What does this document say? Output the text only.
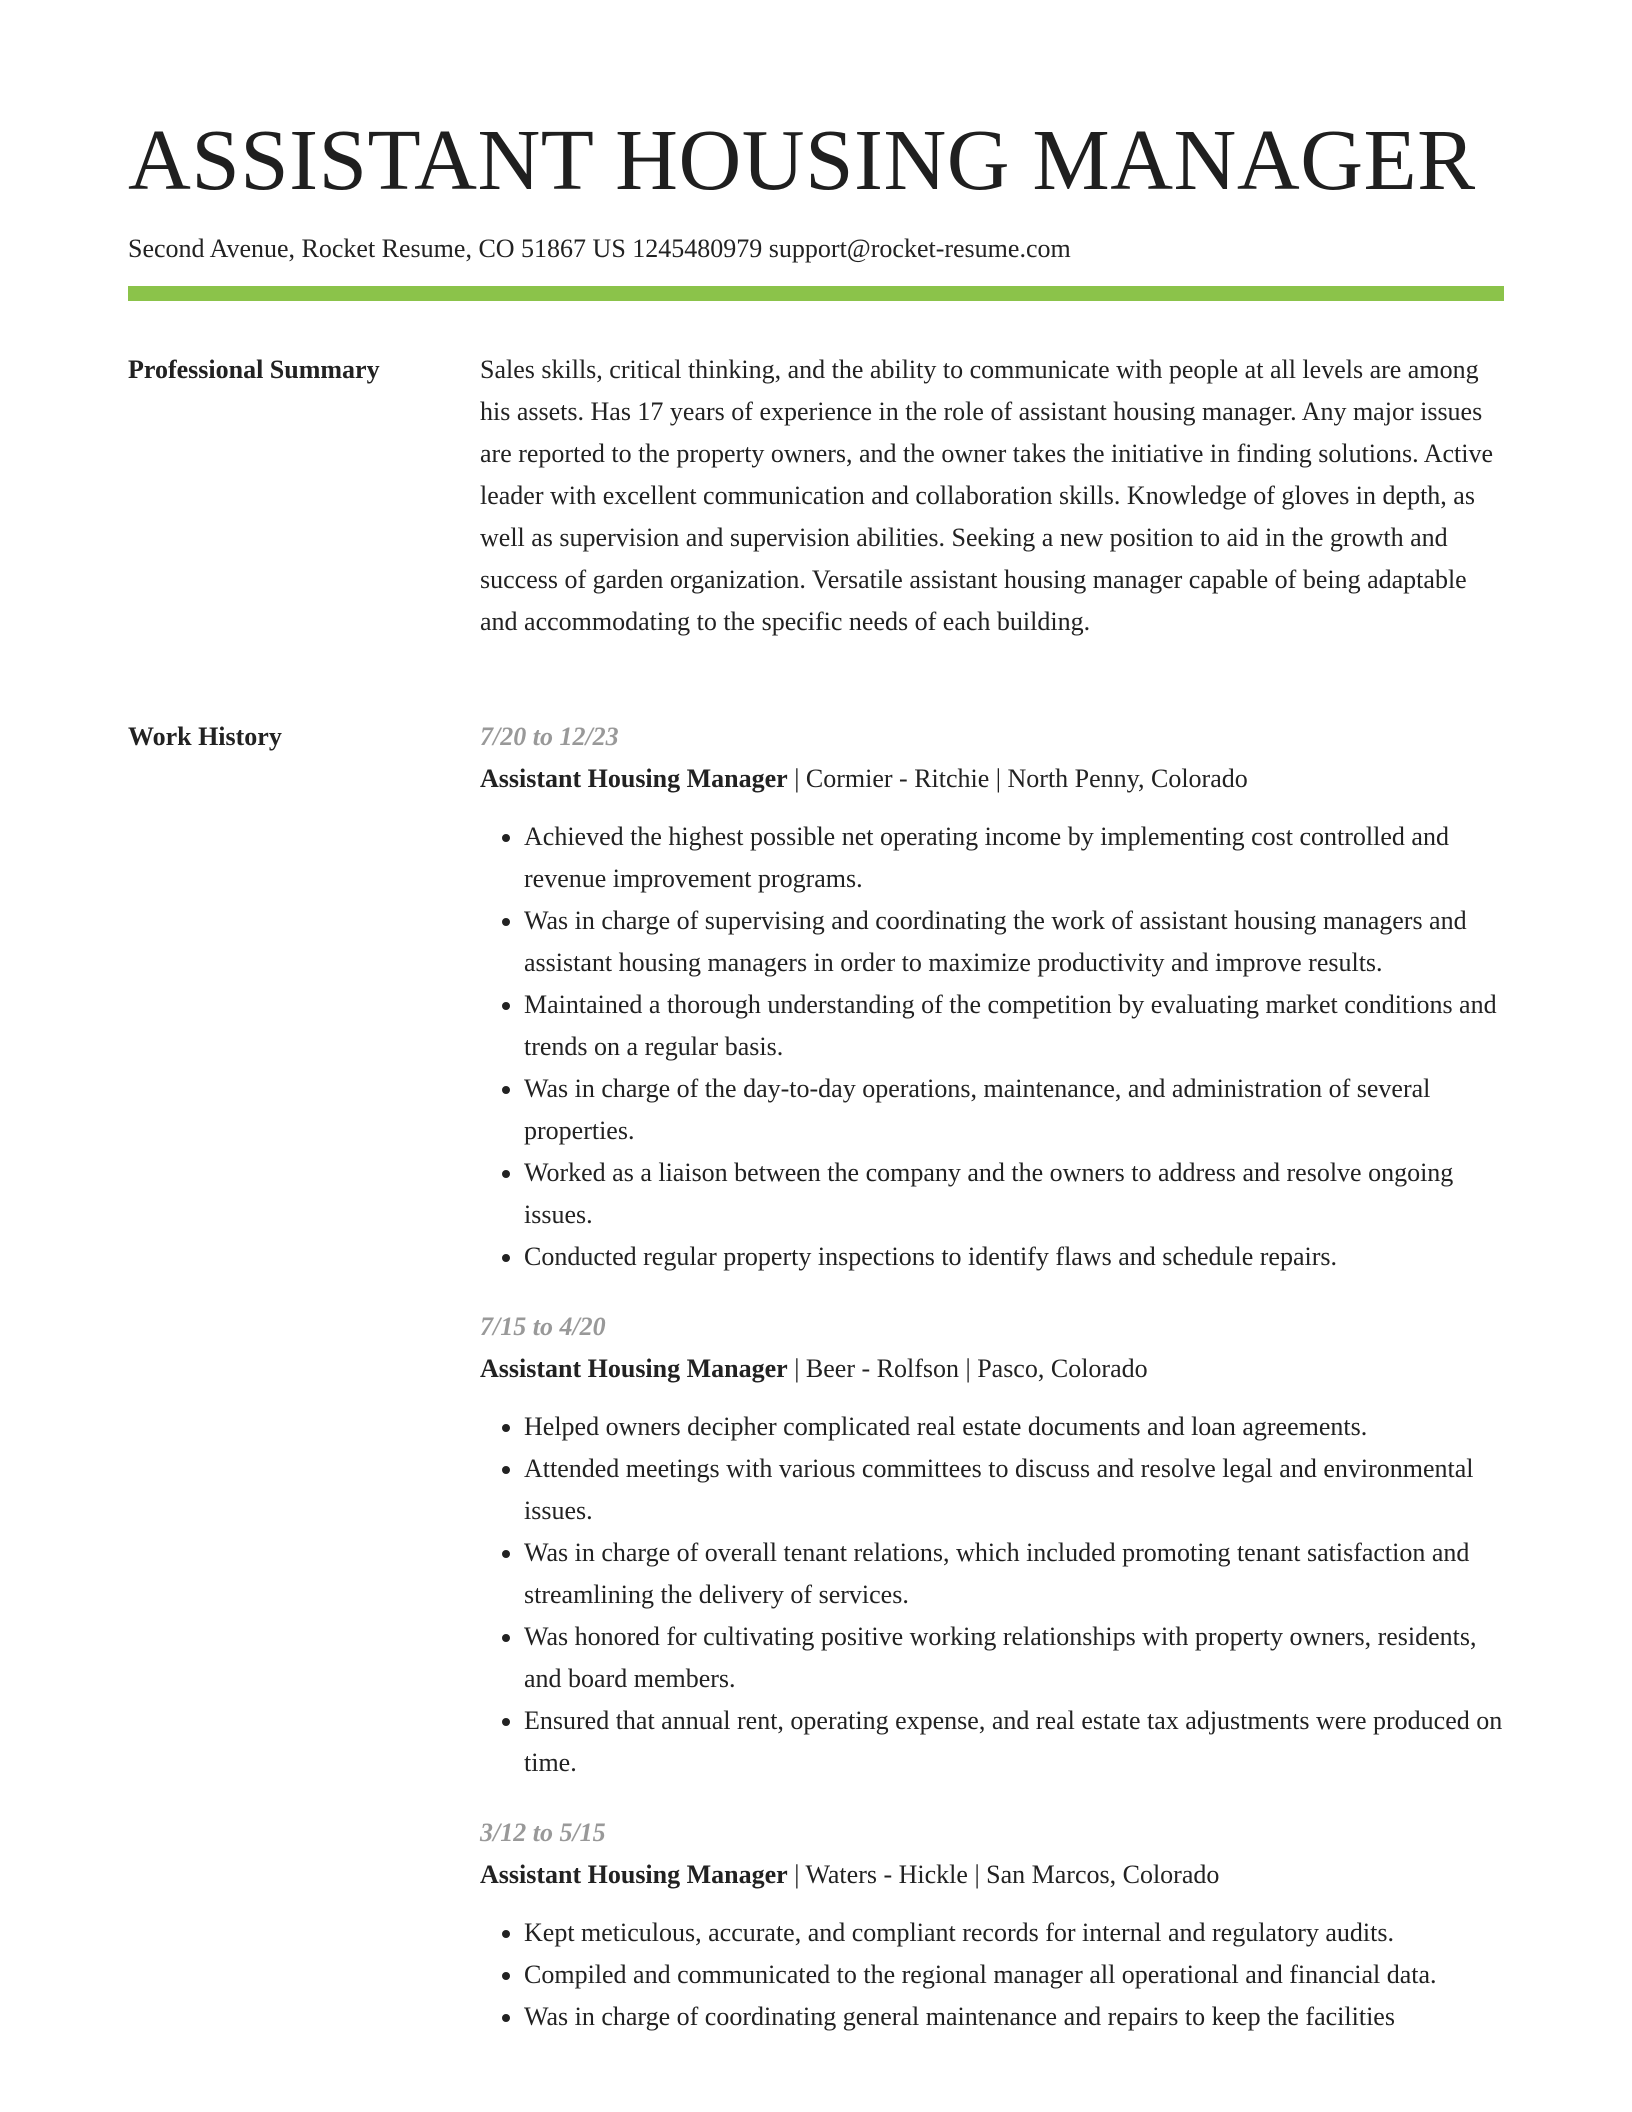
ASSISTANT HOUSING MANAGER
Second Avenue, Rocket Resume, CO 51867 US 1245480979 support@rocket-resume.com
Professional Summary	Sales skills, critical thinking, and the ability to communicate with people at all levels are among his assets. Has 17 years of experience in the role of assistant housing manager. Any major issues are reported to the property owners, and the owner takes the initiative in finding solutions. Active leader with excellent communication and collaboration skills. Knowledge of gloves in depth, as well as supervision and supervision abilities. Seeking a new position to aid in the growth and success of garden organization. Versatile assistant housing manager capable of being adaptable and accommodating to the specific needs of each building.

Work History	7/20 to 12/23
Assistant Housing Manager | Cormier - Ritchie | North Penny, Colorado
• Achieved the highest possible net operating income by implementing cost controlled and revenue improvement programs.
• Was in charge of supervising and coordinating the work of assistant housing managers and assistant housing managers in order to maximize productivity and improve results.
• Maintained a thorough understanding of the competition by evaluating market conditions and trends on a regular basis.
• Was in charge of the day-to-day operations, maintenance, and administration of several properties.
• Worked as a liaison between the company and the owners to address and resolve ongoing issues.
• Conducted regular property inspections to identify flaws and schedule repairs.
7/15 to 4/20
Assistant Housing Manager | Beer - Rolfson | Pasco, Colorado
• Helped owners decipher complicated real estate documents and loan agreements.
• Attended meetings with various committees to discuss and resolve legal and environmental issues.
• Was in charge of overall tenant relations, which included promoting tenant satisfaction and streamlining the delivery of services.
• Was honored for cultivating positive working relationships with property owners, residents, and board members.
• Ensured that annual rent, operating expense, and real estate tax adjustments were produced on time.
3/12 to 5/15
Assistant Housing Manager | Waters - Hickle | San Marcos, Colorado
• Kept meticulous, accurate, and compliant records for internal and regulatory audits.
• Compiled and communicated to the regional manager all operational and financial data.
• Was in charge of coordinating general maintenance and repairs to keep the facilities
